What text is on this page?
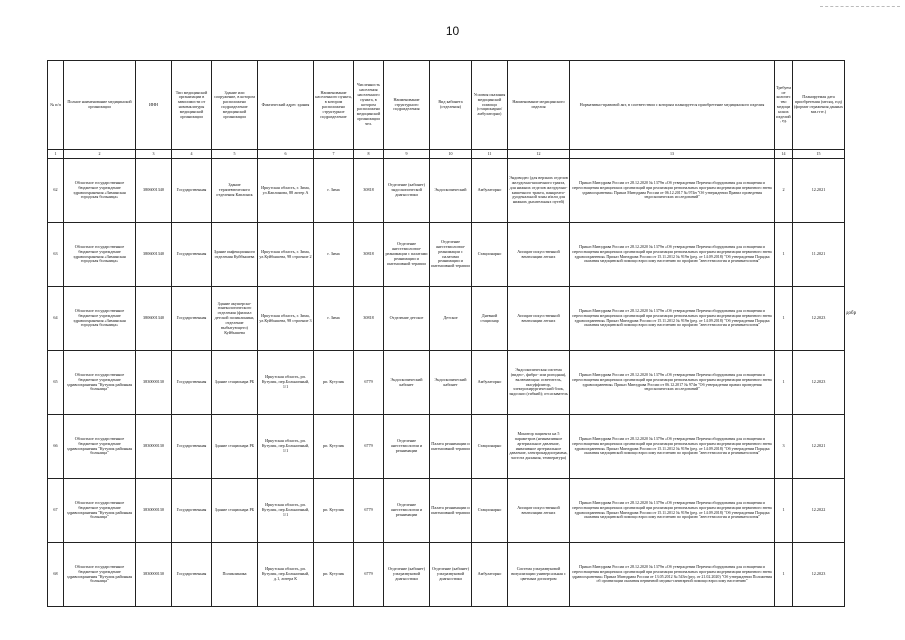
10
№ п/п	Полное наименование медицинской организации	ИНН	Тип медицинской организации в зависимости от номенклатуры медицинской организации	Здание или сооружение, в котором расположено подразделение медицинской организации	Фактический адрес здания	Наименование населенного пункта, в котором расположено структурное подразделение	Численность населения населенного пункта, в котором расположено медицинской организации чел.	Наименование структурного подразделения	Вид кабинета (отделения)	Условия оказания медицинской помощи (стационарно/амбулаторно)	Наименование медицинского изделия	Нормативно-правовой акт, в соответствии с которым планируется приобретение медицинского изделия	Требуемое количество медицинских изделий, ед.	Планируемая дата приобретения (месяц, год) (формат отражения данных мм.гггг.)
1	2	3	4	5	6	7	8	9	10	11	12	13	14	15
62	Областное государственное бюджетное учреждение здравоохранения «Зиминская городская больница»	3806001340	Государственная	Здание терапевтического отделения Каплинск	Иркутская область, г. Зима, ул.Каплинова, 88 литер А	г. Зима	30818	Отделение (кабинет) эндоскопической диагностики	Эндоскопический	Амбулаторно	Эндовидео (для верхних отделов желудочно-кишечного тракта, для нижних отделов желудочно-кишечного тракта, панкреато-дуоденальной зоны и/или для нижних дыхательных путей)	Приказ Минздрава России от 28.12.2020 № 1379н «Об утверждении Перечня оборудования для оснащения и переоснащения медицинских организаций при реализации региональных программ модернизации первичного звена здравоохранения» Приказ Минздрава России от 06.12.2017 № 974н "Об утверждении Правил проведения эндоскопических исследований"	2	12.2021
63	Областное государственное бюджетное учреждение здравоохранения «Зиминская городская больница»	3806001340	Государственная	Здание инфекционного отделения Куйбышева	Иркутская область, г. Зима, ул.Куйбышева, 98 строение 2	г. Зима	30818	Отделение анестезиологии-реанимации с палатами реанимации и интенсивной терапии	Отделение анестезиологии-реанимации с палатами реанимации и интенсивной терапии	Стационарно	Аппарат искусственной вентиляции легких	Приказ Минздрава России от 28.12.2020 № 1379н «Об утверждении Перечня оборудования для оснащения и переоснащения медицинских организаций при реализации региональных программ модернизации первичного звена здравоохранения» Приказ Минздрава России от 15.11.2012 № 919н (ред. от 14.09.2018) "Об утверждении Порядка оказания медицинской помощи взрослому населению по профилю "анестезиология и реаниматология"	1	11.2021
64	Областное государственное бюджетное учреждение здравоохранения «Зиминская городская больница»	3806001340	Государственная	Здание акушерско-гинекологического отделения (филиал детской поликлиники, отделение выбытующего) Куйбышева	Иркутская область, г. Зима, ул.Куйбышева, 98 строение 3	г. Зима	30818	Отделение детское	Детское	Дневной стационар	Аппарат искусственной вентиляции легких	Приказ Минздрава России от 28.12.2020 № 1379н «Об утверждении Перечня оборудования для оснащения и переоснащения медицинских организаций при реализации региональных программ модернизации первичного звена здравоохранения» Приказ Минздрава России от 15.11.2012 № 919н (ред. от 14.09.2018) "Об утверждении Порядка оказания медицинской помощи взрослому населению по профилю "анестезиология и реаниматология"	1	12.2023
65	Областное государственное бюджетное учреждение здравоохранения "Кутулик районная больница"	3830000130	Государственная	Здание стационара РБ	Иркутская область, рп. Кутулик, пер.Больничный, 1/1	рп. Кутулик	6779	Эндоскопический кабинет	Эндоскопический кабинет	Амбулаторно	Эндоскопическая система (видео-, фибро- или ригидная), включающая: осветитель, инсуффлятор, электрохирургический блок, эндоскоп (гибкий); отсасыватель	Приказ Минздрава России от 28.12.2020 № 1379н «Об утверждении Перечня оборудования для оснащения и переоснащения медицинских организаций при реализации региональных программ модернизации первичного звена здравоохранения» Приказ Минздрава России от 06.12.2017 № 974н "Об утверждении правил проведения эндоскопических исследований"	1	12.2023
66	Областное государственное бюджетное учреждение здравоохранения "Кутулик районная больница"	3830000130	Государственная	Здание стационара РБ	Иркутская область, рп. Кутулик, пер.Больничный, 1/1	рп. Кутулик	6779	Отделение анестезиологии и реанимации	Палата реанимации и интенсивной терапии	Стационарно	Монитор пациента на 5 параметров (неинвазивное артериальное давление, инвазивное артериальное давление, электрокардиограмма, частота дыхания, температура)	Приказ Минздрава России от 28.12.2020 № 1379н «Об утверждении Перечня оборудования для оснащения и переоснащения медицинских организаций при реализации региональных программ модернизации первичного звена здравоохранения» Приказ Минздрава России от 15.11.2012 № 919н (ред. от 14.09.2018) "Об утверждении Порядка оказания медицинской помощи взрослому населению по профилю "анестезиология и реаниматология"	3	12.2021
67	Областное государственное бюджетное учреждение здравоохранения "Кутулик районная больница"	3830000130	Государственная	Здание стационара РБ	Иркутская область, рп. Кутулик, пер.Больничный, 1/1	рп. Кутулик	6779	Отделение анестезиологии и реанимации	Палата реанимации и интенсивной терапии	Стационарно	Аппарат искусственной вентиляции легких	Приказ Минздрава России от 28.12.2020 № 1379н «Об утверждении Перечня оборудования для оснащения и переоснащения медицинских организаций при реализации региональных программ модернизации первичного звена здравоохранения» Приказ Минздрава России от 15.11.2012 № 919н (ред. от 14.09.2018) "Об утверждении Порядка оказания медицинской помощи взрослому населению по профилю "анестезиология и реаниматология"	1	12.2022
68	Областное государственное бюджетное учреждение здравоохранения "Кутулик районная больница"	3830000130	Государственная	Поликлиника	Иркутская область, рп. Кутулик, пер.Больничный, д.1, литера К	рп. Кутулик	6779	Отделение (кабинет) ультразвуковой диагностики	Отделение (кабинет) ультразвуковой диагностики	Амбулаторно	Система ультразвуковой визуализации универсальная с цветным допплером	Приказ Минздрава России от 28.12.2020 № 1379н «Об утверждении Перечня оборудования для оснащения и переоснащения медицинских организаций при реализации региональных программ модернизации первичного звена здравоохранения» Приказ Минздрава России от 13.05.2012 № 543н (ред. от 21.02.2020) "Об утверждении Положения об организации оказания первичной медико-санитарной помощи взрослому населению"	1	12.2023
добр
